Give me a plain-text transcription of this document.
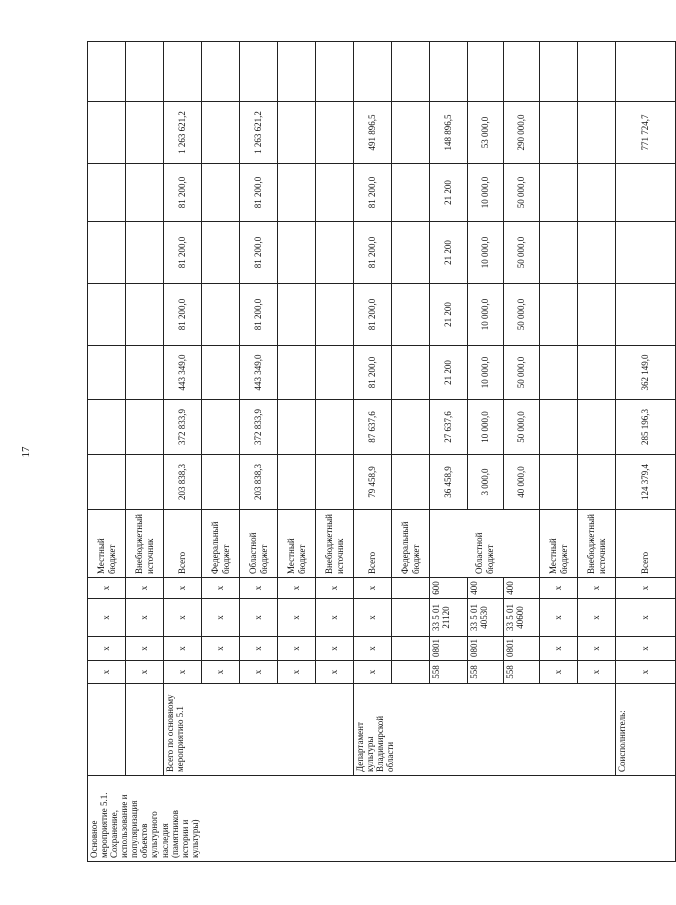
17
Основное мероприятие 5.1. Сохранение, использование и популяризация объектов культурного наследия (памятников истории и культуры)		х	х	х	х	Местный бюджет								
		х	х	х	х	Внебюджетный источник								
	Всего по основному мероприятию 5.1	х	х	х	х	Всего	203 838,3	372 833,9	443 349,0	81 200,0	81 200,0	81 200,0	1 263 621,2	
		х	х	х	х	Федеральный бюджет								
		х	х	х	х	Областной бюджет	203 838,3	372 833,9	443 349,0	81 200,0	81 200,0	81 200,0	1 263 621,2	
		х	х	х	х	Местный бюджет								
		х	х	х	х	Внебюджетный источник								
	Департамент культуры Владимирской области	х	х	х	х	Всего	79 458,9	87 637,6	81 200,0	81 200,0	81 200,0	81 200,0	491 896,5	
						Федеральный бюджет								
		558	0801	33 5 01 21120	600	Областной бюджет	36 458,9	27 637,6	21 200	21 200	21 200	21 200	148 896,5	
		558	0801	33 5 01 40530	400		3 000,0	10 000,0	10 000,0	10 000,0	10 000,0	10 000,0	53 000,0	
		558	0801	33 5 01 40600	400		40 000,0	50 000,0	50 000,0	50 000,0	50 000,0	50 000,0	290 000,0	
		х	х	х	х	Местный бюджет								
		х	х	х	х	Внебюджетный источник								
	Соисполнитель:	х	х	х	х	Всего	124 379,4	285 196,3	362 149,0				771 724,7	
